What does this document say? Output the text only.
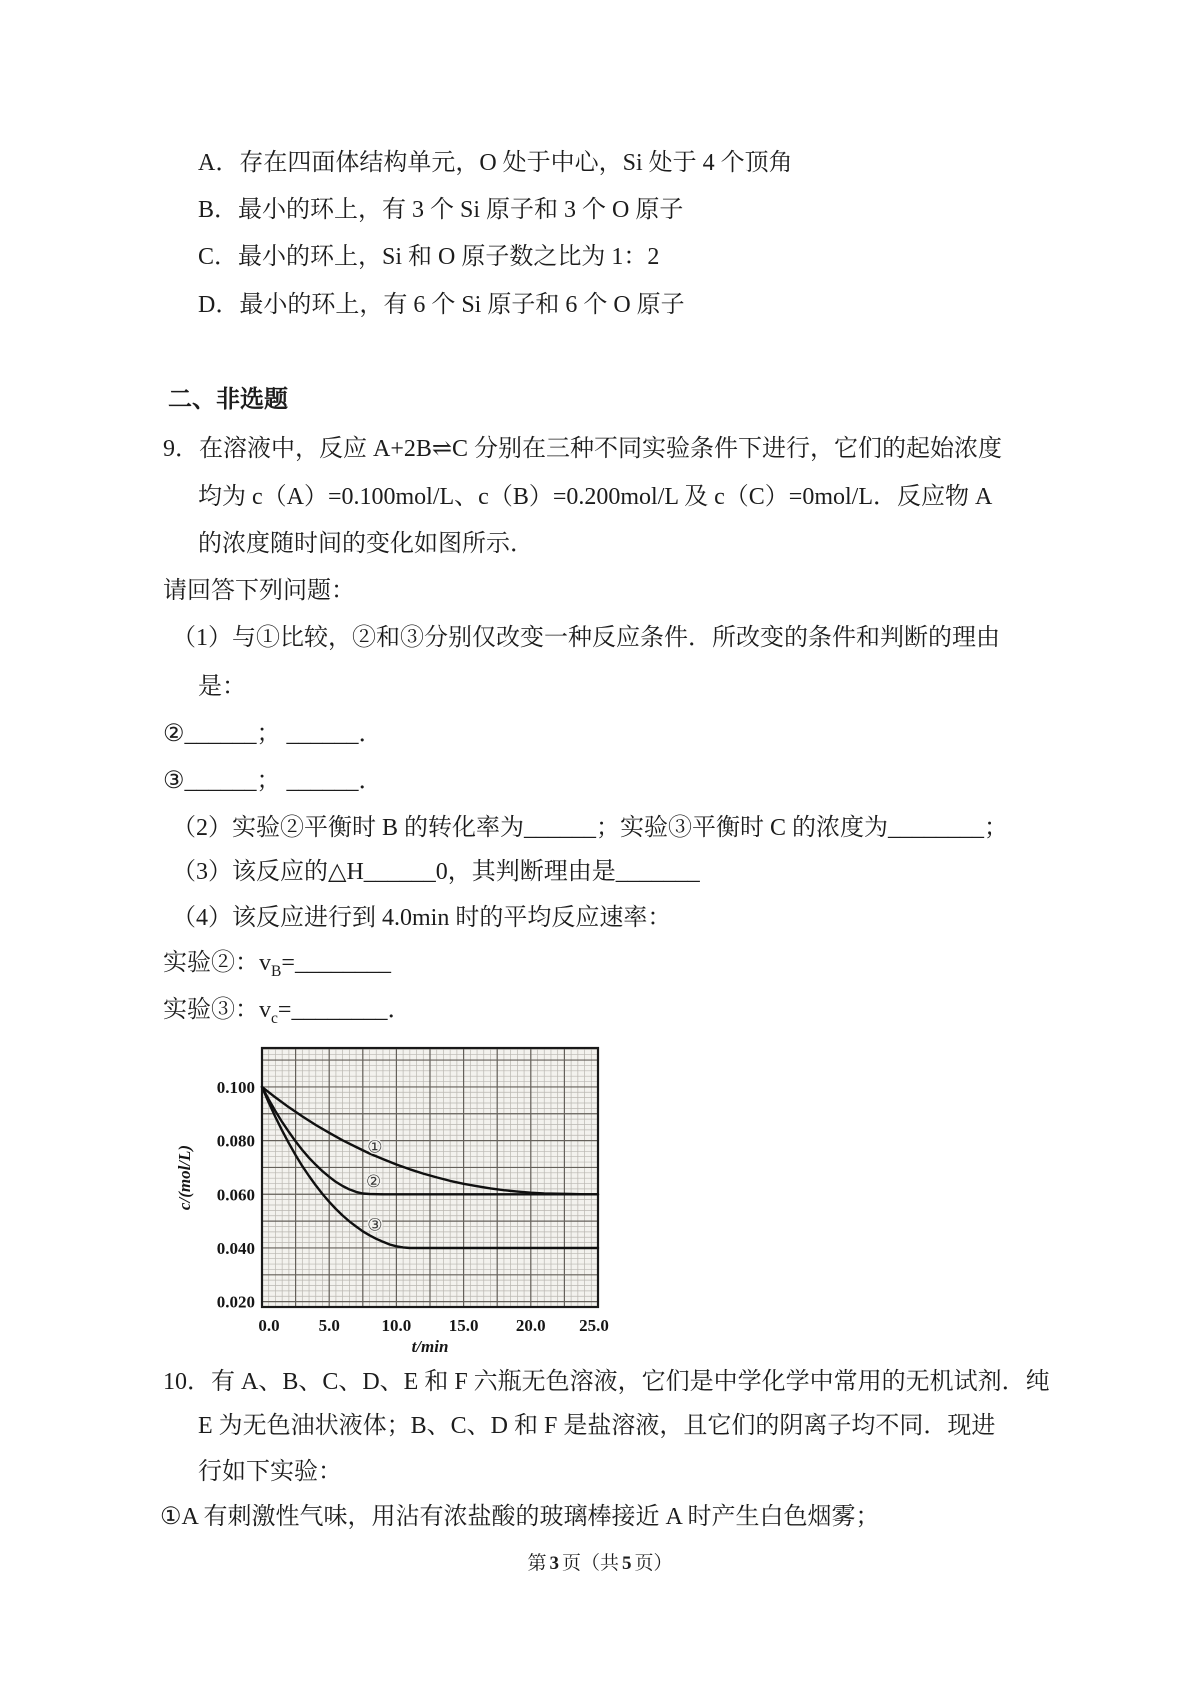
A．存在四面体结构单元，O 处于中心，Si 处于 4 个顶角
B．最小的环上，有 3 个 Si 原子和 3 个 O 原子
C．最小的环上，Si 和 O 原子数之比为 1：2
D．最小的环上，有 6 个 Si 原子和 6 个 O 原子
二、非选题
9．在溶液中，反应 A+2B⇌C 分别在三种不同实验条件下进行，它们的起始浓度
均为 c（A）=0.100mol/L、c（B）=0.200mol/L 及 c（C）=0mol/L．反应物 A
的浓度随时间的变化如图所示．
请回答下列问题：
（1）与①比较，②和③分别仅改变一种反应条件．所改变的条件和判断的理由
是：
②______； ______．
③______； ______．
（2）实验②平衡时 B 的转化率为______；实验③平衡时 C 的浓度为________；
（3）该反应的△H______0，其判断理由是_______
（4）该反应进行到 4.0min 时的平均反应速率：
实验②：$v_B=\_\_\_\_\_\_\_\_$
实验③：$v_c=\_\_\_\_\_\_\_\_$．
①
②
③
0.100
0.080
0.060
0.040
0.020
0.0 5.0 10.0 15.0 20.0 25.0
t/min
c/(mol/L)
10．有 A、B、C、D、E 和 F 六瓶无色溶液，它们是中学化学中常用的无机试剂．纯
E 为无色油状液体；B、C、D 和 F 是盐溶液，且它们的阴离子均不同．现进
行如下实验：
①A 有刺激性气味，用沾有浓盐酸的玻璃棒接近 A 时产生白色烟雾；
第 3 页（共 5 页）
